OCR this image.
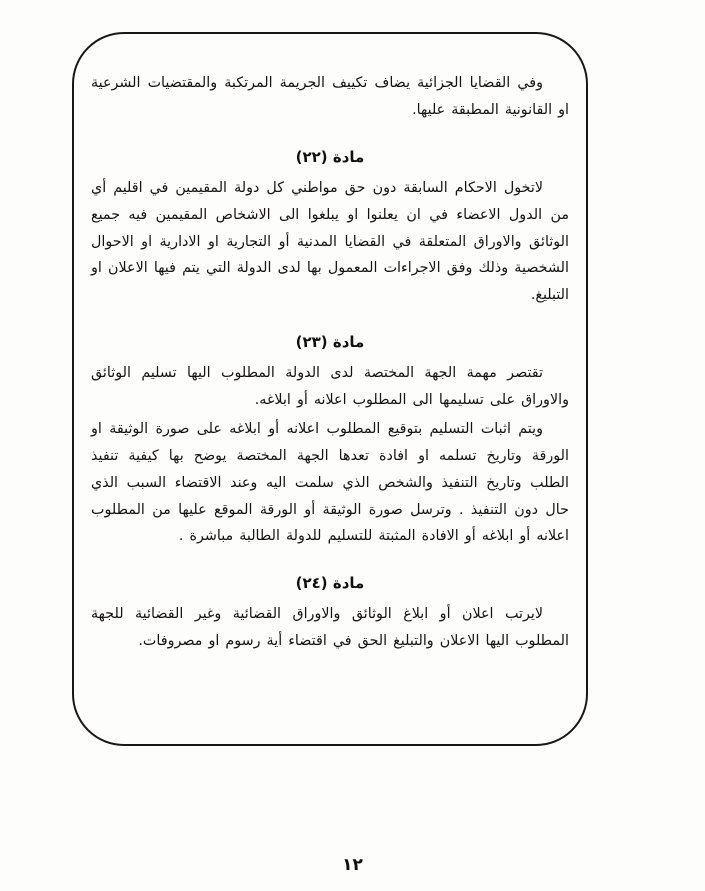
وفي القضايا الجزائية يضاف تكييف الجريمة المرتكبة والمقتضيات الشرعية او القانونية المطبقة عليها.

مادة (٢٢)

لاتخول الاحكام السابقة دون حق مواطني كل دولة المقيمين في اقليم أي من الدول الاعضاء في ان يعلنوا او يبلغوا الى الاشخاص المقيمين فيه جميع الوثائق والاوراق المتعلقة في القضايا المدنية أو التجارية او الادارية او الاحوال الشخصية وذلك وفق الاجراءات المعمول بها لدى الدولة التي يتم فيها الاعلان او التبليغ.

مادة (٢٣)

تقتصر مهمة الجهة المختصة لدى الدولة المطلوب اليها تسليم الوثائق والاوراق على تسليمها الى المطلوب اعلانه أو ابلاغه.

ويتم اثبات التسليم بتوقيع المطلوب اعلانه أو ابلاغه على صورة الوثيقة او الورقة وتاريخ تسلمه او افادة تعدها الجهة المختصة يوضح بها كيفية تنفيذ الطلب وتاريخ التنفيذ والشخص الذي سلمت اليه وعند الاقتضاء السبب الذي حال دون التنفيذ . وترسل صورة الوثيقة أو الورقة الموقع عليها من المطلوب اعلانه أو ابلاغه أو الافادة المثبتة للتسليم للدولة الطالبة مباشرة .

مادة (٢٤)

لايرتب اعلان أو ابلاغ الوثائق والاوراق القضائية وغير القضائية للجهة المطلوب اليها الاعلان والتبليغ الحق في اقتضاء أية رسوم او مصروفات.

١٢
